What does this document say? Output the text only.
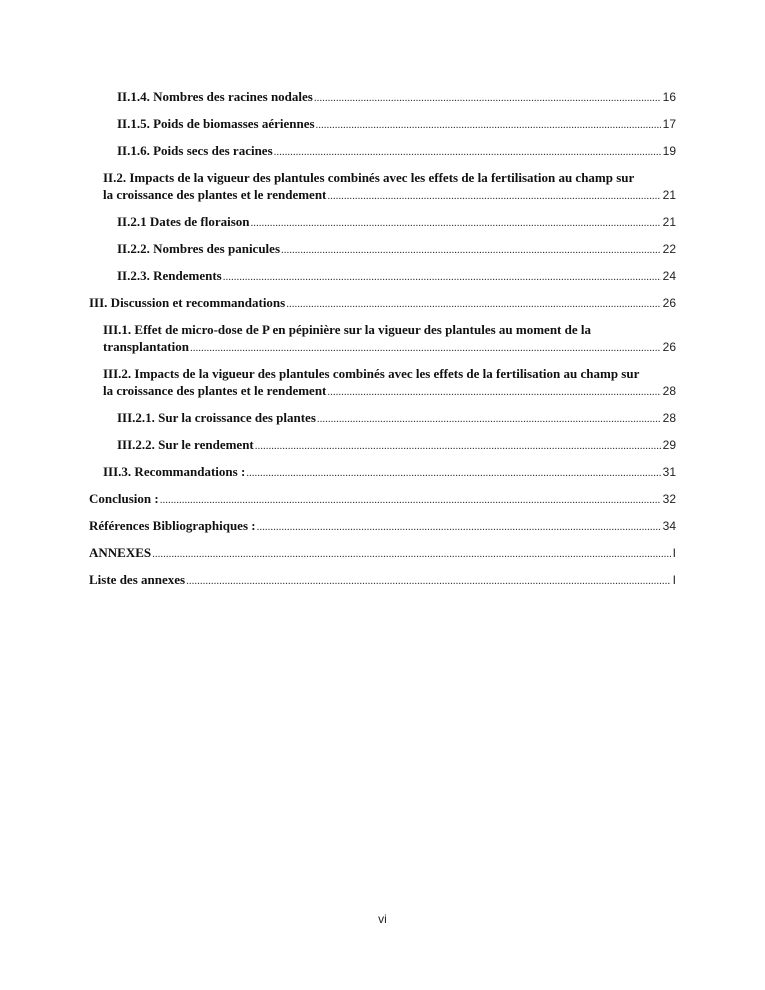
II.1.4. Nombres des racines nodales .....	16
II.1.5. Poids de biomasses aériennes .....	17
II.1.6. Poids secs des racines .....	19
II.2. Impacts de la vigueur des plantules combinés avec les effets de la fertilisation au champ sur
la croissance des plantes et le rendement .....	21
II.2.1 Dates de floraison .....	21
II.2.2. Nombres des panicules .....	22
II.2.3. Rendements .....	24
III. Discussion et recommandations .....	26
III.1. Effet de micro-dose de P en pépinière sur la vigueur des plantules au moment de la
transplantation .....	26
III.2. Impacts de la vigueur des plantules combinés avec les effets de la fertilisation au champ sur
la croissance des plantes et le rendement .....	28
III.2.1. Sur la croissance des plantes .....	28
III.2.2. Sur le rendement .....	29
III.3. Recommandations : .....	31
Conclusion : .....	32
Références Bibliographiques : .....	34
ANNEXES .....	I
Liste des annexes .....	I
vi
